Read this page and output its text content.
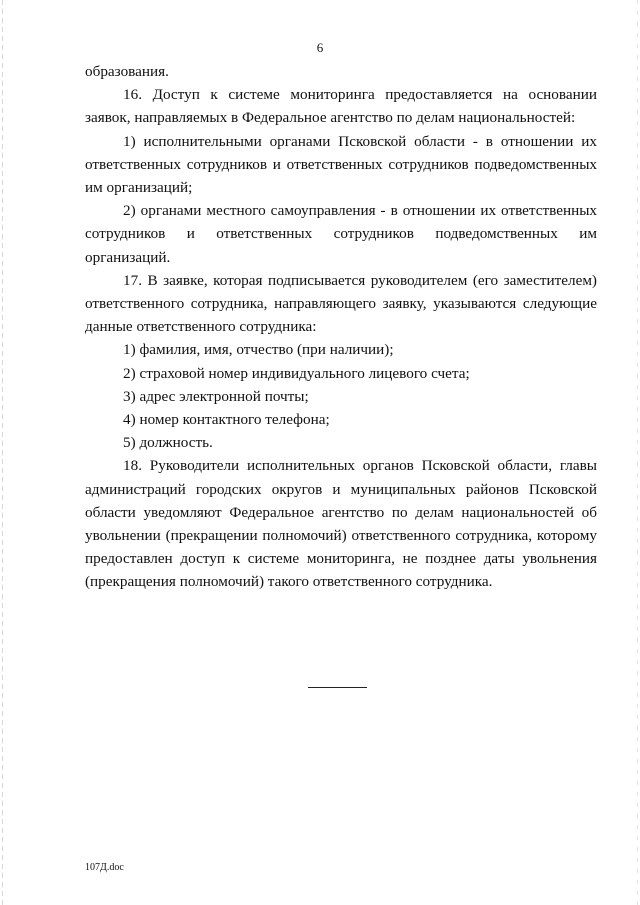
6

образования.

16. Доступ к системе мониторинга предоставляется на основании заявок, направляемых в Федеральное агентство по делам национальностей:

1) исполнительными органами Псковской области - в отношении их ответственных сотрудников и ответственных сотрудников подведомственных им организаций;

2) органами местного самоуправления - в отношении их ответственных сотрудников и ответственных сотрудников подведомственных им организаций.

17. В заявке, которая подписывается руководителем (его заместителем) ответственного сотрудника, направляющего заявку, указываются следующие данные ответственного сотрудника:

1) фамилия, имя, отчество (при наличии);

2) страховой номер индивидуального лицевого счета;

3) адрес электронной почты;

4) номер контактного телефона;

5) должность.

18. Руководители исполнительных органов Псковской области, главы администраций городских округов и муниципальных районов Псковской области уведомляют Федеральное агентство по делам национальностей об увольнении (прекращении полномочий) ответственного сотрудника, которому предоставлен доступ к системе мониторинга, не позднее даты увольнения (прекращения полномочий) такого ответственного сотрудника.

107Д.doc
